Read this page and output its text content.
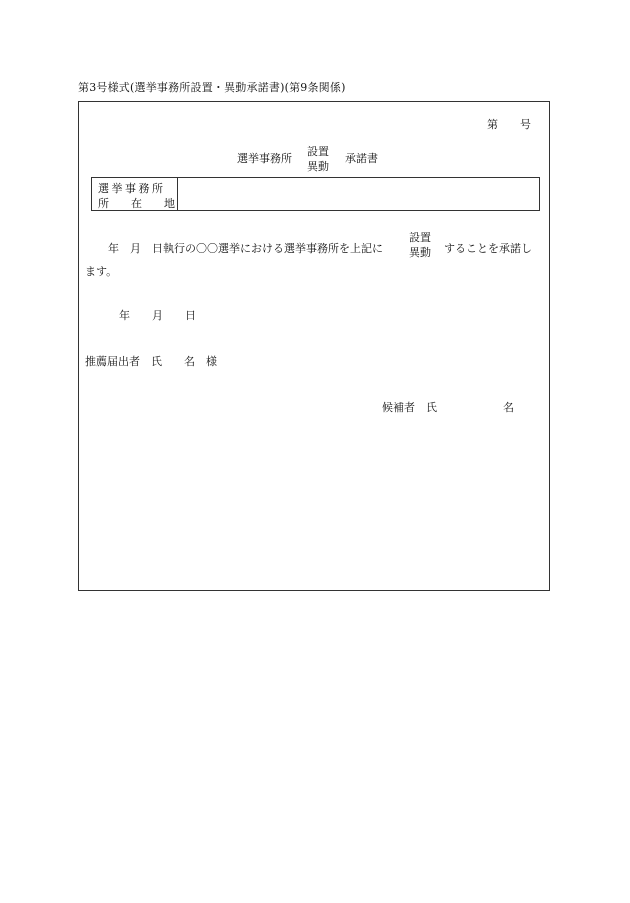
第3号様式(選挙事務所設置・異動承諾書)(第9条関係)
第　　号
選挙事務所
設置
異動
承諾書
選挙事務所
所　　在　　地
　年　月　日執行の〇〇選挙における選挙事務所を上記に
設置
異動 することを承諾し
ます。
年　　月　　日
推薦届出者　氏　　名　様
候補者　氏　　　　　　名
